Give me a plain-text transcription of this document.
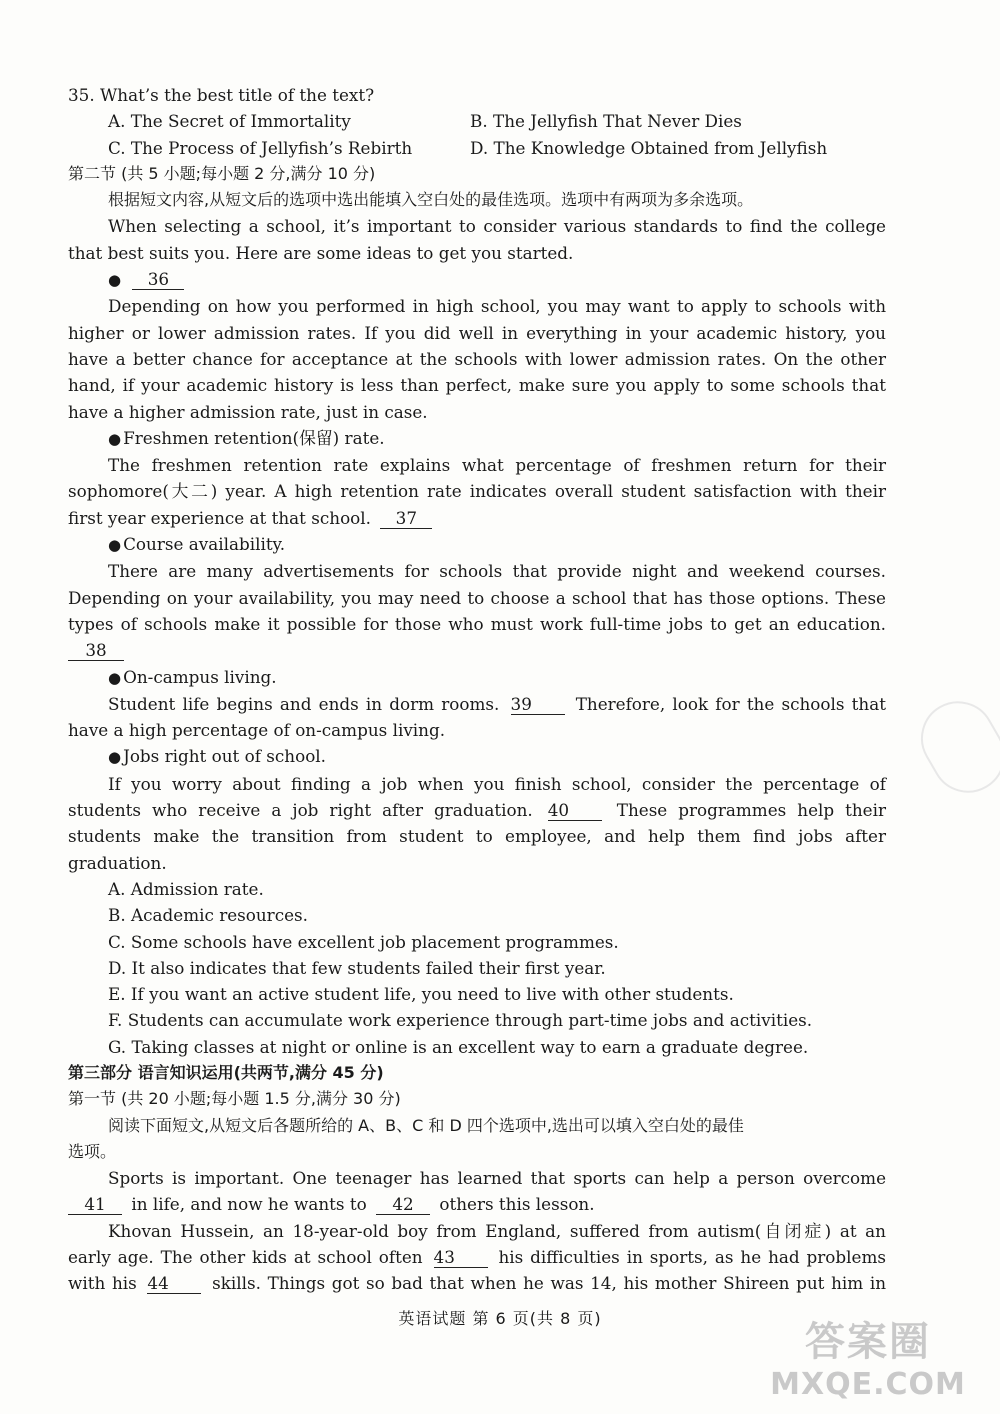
35. What’s the best title of the text?
A. The Secret of Immortality	B. The Jellyfish That Never Dies
C. The Process of Jellyfish’s Rebirth	D. The Knowledge Obtained from Jellyfish
第二节 (共 5 小题;每小题 2 分,满分 10 分)
根据短文内容,从短文后的选项中选出能填入空白处的最佳选项。选项中有两项为多余选项。
When selecting a school, it’s important to consider various standards to find the college
that best suits you. Here are some ideas to get you started.
● 36
Depending on how you performed in high school, you may want to apply to schools with
higher or lower admission rates. If you did well in everything in your academic history, you
have a better chance for acceptance at the schools with lower admission rates. On the other
hand, if your academic history is less than perfect, make sure you apply to some schools that
have a higher admission rate, just in case.
● Freshmen retention(保留) rate.
The freshmen retention rate explains what percentage of freshmen return for their
sophomore(大二) year. A high retention rate indicates overall student satisfaction with their
first year experience at that school. 37
● Course availability.
There are many advertisements for schools that provide night and weekend courses.
Depending on your availability, you may need to choose a school that has those options. These
types of schools make it possible for those who must work full-time jobs to get an education.
38
● On-campus living.
Student life begins and ends in dorm rooms. 39	Therefore, look for the schools that
have a high percentage of on-campus living.
● Jobs right out of school.
If you worry about finding a job when you finish school, consider the percentage of
students who receive a job right after graduation. 40	These programmes help their
students make the transition from student to employee, and help them find jobs after
graduation.
A. Admission rate.
B. Academic resources.
C. Some schools have excellent job placement programmes.
D. It also indicates that few students failed their first year.
E. If you want an active student life, you need to live with other students.
F. Students can accumulate work experience through part-time jobs and activities.
G. Taking classes at night or online is an excellent way to earn a graduate degree.
第三部分 语言知识运用(共两节,满分 45 分)
第一节 (共 20 小题;每小题 1.5 分,满分 30 分)
阅读下面短文,从短文后各题所给的 A、B、C 和 D 四个选项中,选出可以填入空白处的最佳
选项。
Sports is important. One teenager has learned that sports can help a person overcome
41 in life, and now he wants to 42 others this lesson.
Khovan Hussein, an 18-year-old boy from England, suffered from autism(自闭症) at an
early age. The other kids at school often 43	his difficulties in sports, as he had problems
with his 44	skills. Things got so bad that when he was 14, his mother Shireen put him in
英语试题 第 6 页(共 8 页)
答案圈
MXQE.COM
